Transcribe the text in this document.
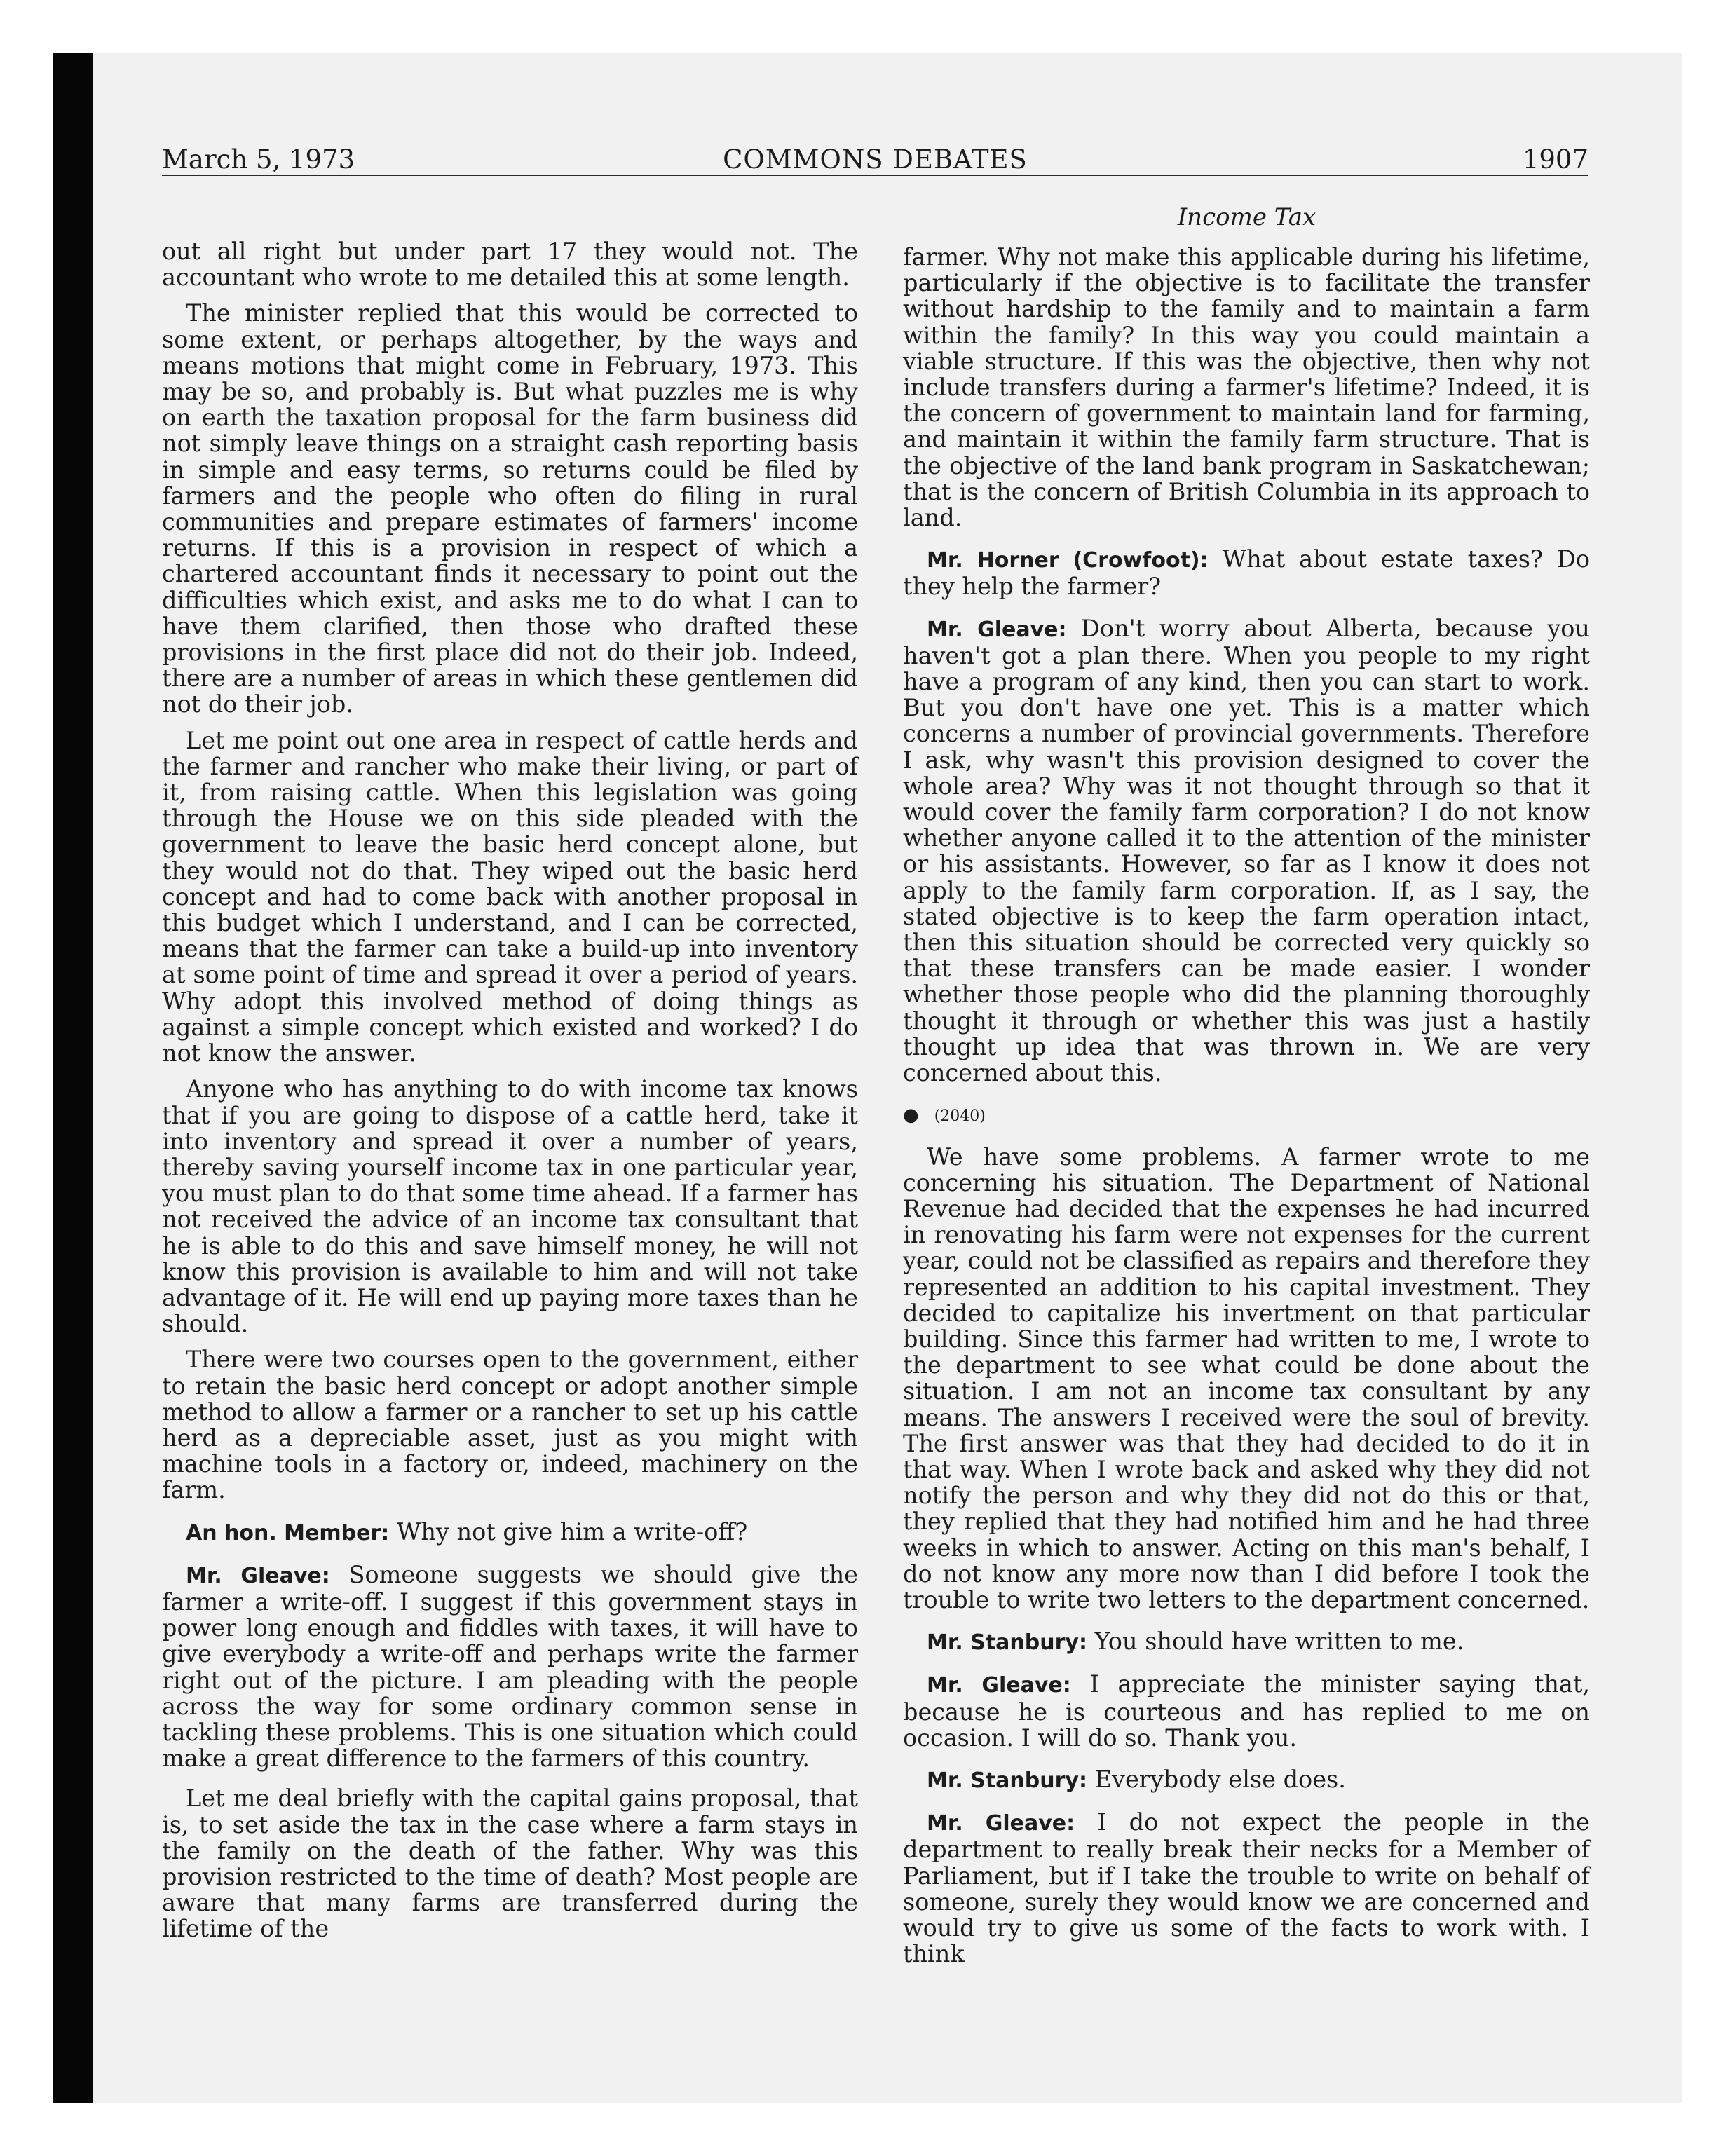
March 5, 1973	COMMONS DEBATES	1907
Income Tax

out all right but under part 17 they would not. The accountant who wrote to me detailed this at some length.

The minister replied that this would be corrected to some extent, or perhaps altogether, by the ways and means motions that might come in February, 1973. This may be so, and probably is. But what puzzles me is why on earth the taxation proposal for the farm business did not simply leave things on a straight cash reporting basis in simple and easy terms, so returns could be filed by farmers and the people who often do filing in rural communities and prepare estimates of farmers' income returns. If this is a provision in respect of which a chartered accountant finds it necessary to point out the difficulties which exist, and asks me to do what I can to have them clarified, then those who drafted these provisions in the first place did not do their job. Indeed, there are a number of areas in which these gentlemen did not do their job.

Let me point out one area in respect of cattle herds and the farmer and rancher who make their living, or part of it, from raising cattle. When this legislation was going through the House we on this side pleaded with the government to leave the basic herd concept alone, but they would not do that. They wiped out the basic herd concept and had to come back with another proposal in this budget which I understand, and I can be corrected, means that the farmer can take a build-up into inventory at some point of time and spread it over a period of years. Why adopt this involved method of doing things as against a simple concept which existed and worked? I do not know the answer.

Anyone who has anything to do with income tax knows that if you are going to dispose of a cattle herd, take it into inventory and spread it over a number of years, thereby saving yourself income tax in one particular year, you must plan to do that some time ahead. If a farmer has not received the advice of an income tax consultant that he is able to do this and save himself money, he will not know this provision is available to him and will not take advantage of it. He will end up paying more taxes than he should.

There were two courses open to the government, either to retain the basic herd concept or adopt another simple method to allow a farmer or a rancher to set up his cattle herd as a depreciable asset, just as you might with machine tools in a factory or, indeed, machinery on the farm.

An hon. Member: Why not give him a write-off?

Mr. Gleave: Someone suggests we should give the farmer a write-off. I suggest if this government stays in power long enough and fiddles with taxes, it will have to give everybody a write-off and perhaps write the farmer right out of the picture. I am pleading with the people across the way for some ordinary common sense in tackling these problems. This is one situation which could make a great difference to the farmers of this country.

Let me deal briefly with the capital gains proposal, that is, to set aside the tax in the case where a farm stays in the family on the death of the father. Why was this provision restricted to the time of death? Most people are aware that many farms are transferred during the lifetime of the

farmer. Why not make this applicable during his lifetime, particularly if the objective is to facilitate the transfer without hardship to the family and to maintain a farm within the family? In this way you could maintain a viable structure. If this was the objective, then why not include transfers during a farmer's lifetime? Indeed, it is the concern of government to maintain land for farming, and maintain it within the family farm structure. That is the objective of the land bank program in Saskatchewan; that is the concern of British Columbia in its approach to land.

Mr. Horner (Crowfoot): What about estate taxes? Do they help the farmer?

Mr. Gleave: Don't worry about Alberta, because you haven't got a plan there. When you people to my right have a program of any kind, then you can start to work. But you don't have one yet. This is a matter which concerns a number of provincial governments. Therefore I ask, why wasn't this provision designed to cover the whole area? Why was it not thought through so that it would cover the family farm corporation? I do not know whether anyone called it to the attention of the minister or his assistants. However, so far as I know it does not apply to the family farm corporation. If, as I say, the stated objective is to keep the farm operation intact, then this situation should be corrected very quickly so that these transfers can be made easier. I wonder whether those people who did the planning thoroughly thought it through or whether this was just a hastily thought up idea that was thrown in. We are very concerned about this.

● (2040)

We have some problems. A farmer wrote to me concerning his situation. The Department of National Revenue had decided that the expenses he had incurred in renovating his farm were not expenses for the current year, could not be classified as repairs and therefore they represented an addition to his capital investment. They decided to capitalize his invertment on that particular building. Since this farmer had written to me, I wrote to the department to see what could be done about the situation. I am not an income tax consultant by any means. The answers I received were the soul of brevity. The first answer was that they had decided to do it in that way. When I wrote back and asked why they did not notify the person and why they did not do this or that, they replied that they had notified him and he had three weeks in which to answer. Acting on this man's behalf, I do not know any more now than I did before I took the trouble to write two letters to the department concerned.

Mr. Stanbury: You should have written to me.

Mr. Gleave: I appreciate the minister saying that, because he is courteous and has replied to me on occasion. I will do so. Thank you.

Mr. Stanbury: Everybody else does.

Mr. Gleave: I do not expect the people in the department to really break their necks for a Member of Parliament, but if I take the trouble to write on behalf of someone, surely they would know we are concerned and would try to give us some of the facts to work with. I think
